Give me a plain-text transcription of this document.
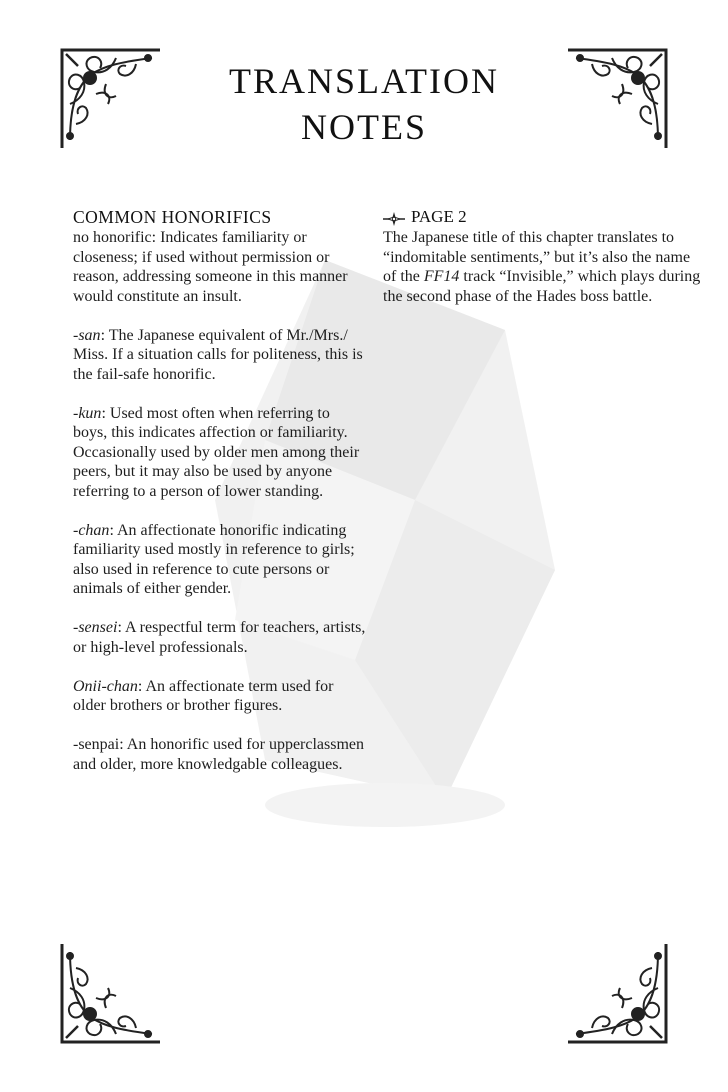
TRANSLATION
NOTES
COMMON HONORIFICS

no honorific: Indicates familiarity or closeness; if used without permission or reason, addressing someone in this manner would constitute an insult.

-san: The Japanese equivalent of Mr./Mrs./ Miss. If a situation calls for politeness, this is the fail-safe honorific.

-kun: Used most often when referring to boys, this indicates affection or familiarity. Occasionally used by older men among their peers, but it may also be used by anyone referring to a person of lower standing.

-chan: An affectionate honorific indicating familiarity used mostly in reference to girls; also used in reference to cute persons or animals of either gender.

-sensei: A respectful term for teachers, artists, or high-level professionals.

Onii-chan: An affectionate term used for older brothers or brother figures.

-senpai: An honorific used for upperclassmen and older, more knowledgable colleagues.

PAGE 2

The Japanese title of this chapter translates to “indomitable sentiments,” but it’s also the name of the FF14 track “Invisible,” which plays during the second phase of the Hades boss battle.
